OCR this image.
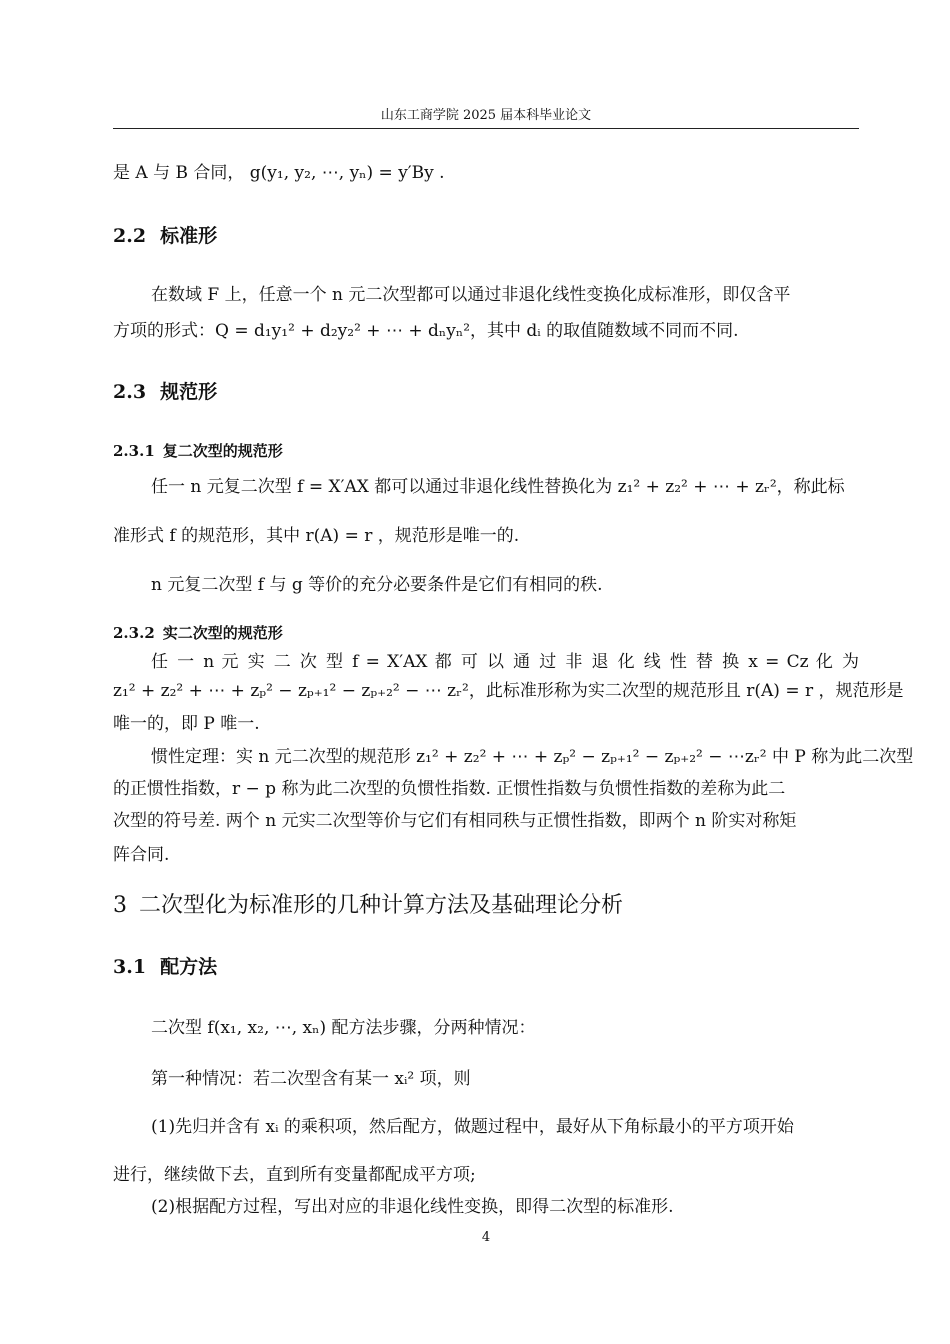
山东工商学院 2025 届本科毕业论文
是 A 与 B 合同， g(y₁, y₂, ⋯, yₙ) = y′By .
2.2 标准形
在数域 F 上，任意一个 n 元二次型都可以通过非退化线性变换化成标准形，即仅含平
方项的形式：Q = d₁y₁² + d₂y₂² + ⋯ + dₙyₙ²，其中 dᵢ 的取值随数域不同而不同.
2.3 规范形
2.3.1 复二次型的规范形
任一 n 元复二次型 f = X′AX 都可以通过非退化线性替换化为 z₁² + z₂² + ⋯ + zᵣ²，称此标
准形式 f 的规范形，其中 r(A) = r ，规范形是唯一的.
n 元复二次型 f 与 g 等价的充分必要条件是它们有相同的秩.
2.3.2 实二次型的规范形
任 一 n 元 实 二 次 型 f = X′AX 都 可 以 通 过 非 退 化 线 性 替 换 x = Cz 化 为
z₁² + z₂² + ⋯ + zₚ² − zₚ₊₁² − zₚ₊₂² − ⋯ zᵣ²，此标准形称为实二次型的规范形且 r(A) = r ，规范形是
唯一的，即 P 唯一.
惯性定理：实 n 元二次型的规范形 z₁² + z₂² + ⋯ + zₚ² − zₚ₊₁² − zₚ₊₂² − ⋯zᵣ² 中 P 称为此二次型
的正惯性指数，r − p 称为此二次型的负惯性指数. 正惯性指数与负惯性指数的差称为此二
次型的符号差. 两个 n 元实二次型等价与它们有相同秩与正惯性指数，即两个 n 阶实对称矩
阵合同.
3 二次型化为标准形的几种计算方法及基础理论分析
3.1 配方法
二次型 f(x₁, x₂, ⋯, xₙ) 配方法步骤，分两种情况：
第一种情况：若二次型含有某一 xᵢ² 项，则
(1)先归并含有 xᵢ 的乘积项，然后配方，做题过程中，最好从下角标最小的平方项开始
进行，继续做下去，直到所有变量都配成平方项;
(2)根据配方过程，写出对应的非退化线性变换，即得二次型的标准形.
4
